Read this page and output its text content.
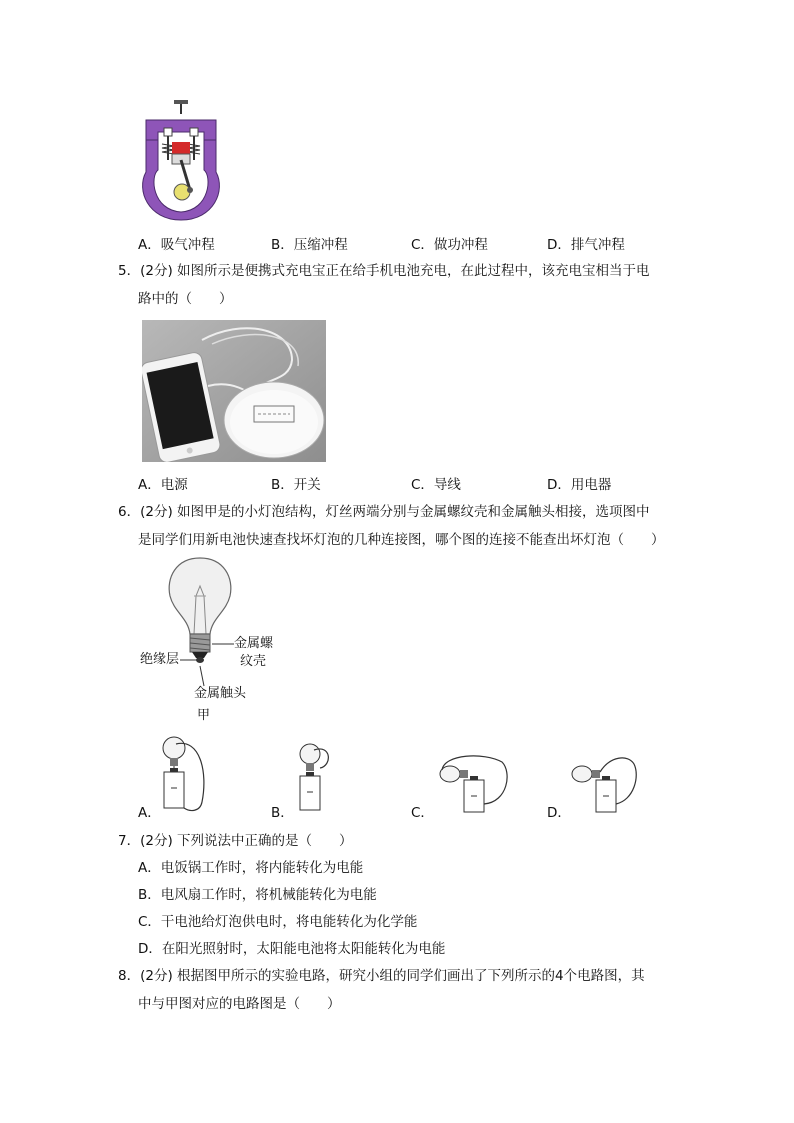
A．吸气冲程	B．压缩冲程	C．做功冲程	D．排气冲程
5．(2分) 如图所示是便携式充电宝正在给手机电池充电，在此过程中，该充电宝相当于电
路中的（　　）
A．电源	B．开关	C．导线	D．用电器
6．(2分) 如图甲是的小灯泡结构，灯丝两端分别与金属螺纹壳和金属触头相接，选项图中
是同学们用新电池快速查找坏灯泡的几种连接图，哪个图的连接不能查出坏灯泡（　　）
金属螺
纹壳
绝缘层
金属触头
甲
A．	B．	C．	D．
7．(2分) 下列说法中正确的是（　　）
A．电饭锅工作时，将内能转化为电能
B．电风扇工作时，将机械能转化为电能
C．干电池给灯泡供电时，将电能转化为化学能
D．在阳光照射时，太阳能电池将太阳能转化为电能
8．(2分) 根据图甲所示的实验电路，研究小组的同学们画出了下列所示的4个电路图，其
中与甲图对应的电路图是（　　）
